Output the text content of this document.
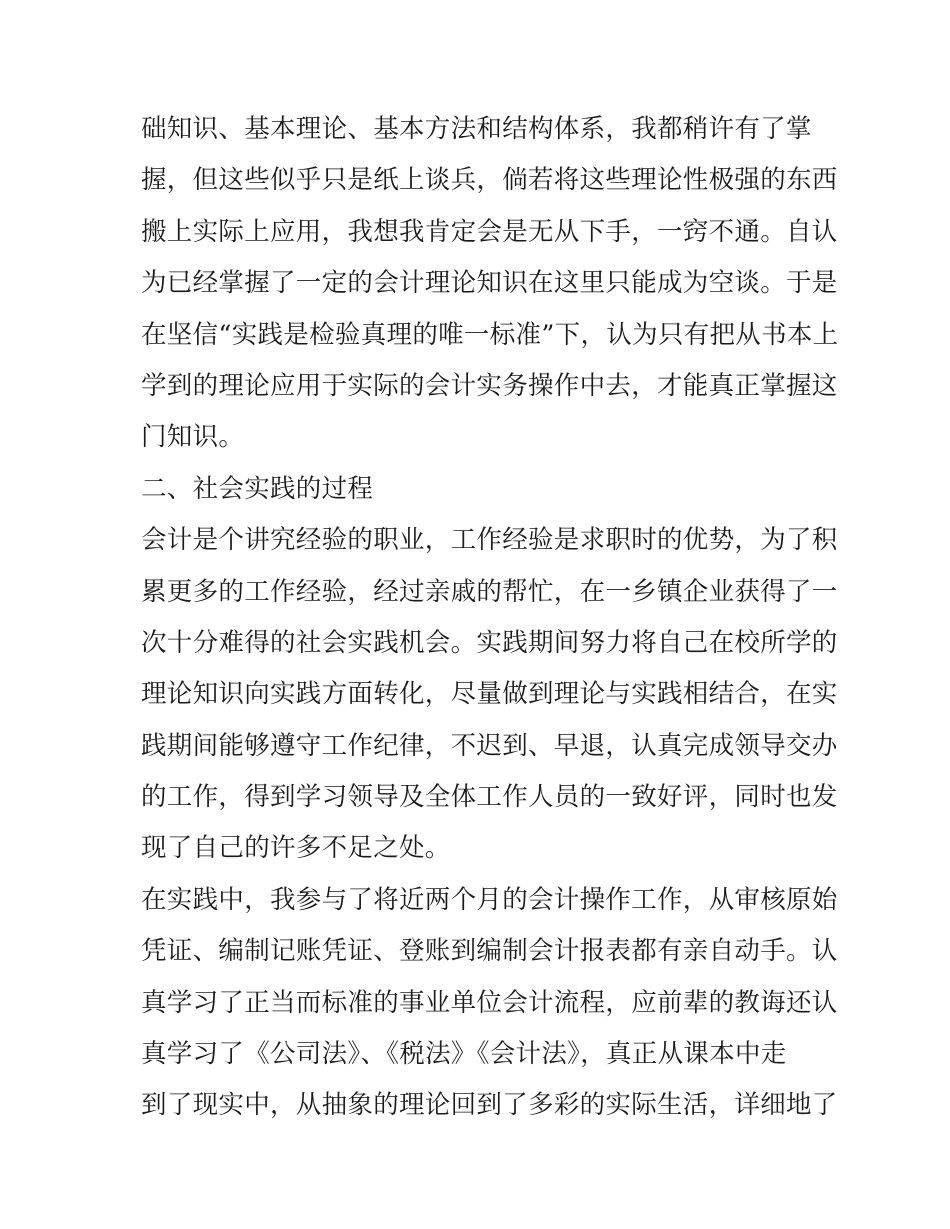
础知识、基本理论、基本方法和结构体系，我都稍许有了掌
握，但这些似乎只是纸上谈兵，倘若将这些理论性极强的东西
搬上实际上应用，我想我肯定会是无从下手，一窍不通。自认
为已经掌握了一定的会计理论知识在这里只能成为空谈。于是
在坚信“实践是检验真理的唯一标准”下，认为只有把从书本上
学到的理论应用于实际的会计实务操作中去，才能真正掌握这
门知识。
二、社会实践的过程
会计是个讲究经验的职业，工作经验是求职时的优势，为了积
累更多的工作经验，经过亲戚的帮忙，在一乡镇企业获得了一
次十分难得的社会实践机会。实践期间努力将自己在校所学的
理论知识向实践方面转化，尽量做到理论与实践相结合，在实
践期间能够遵守工作纪律，不迟到、早退，认真完成领导交办
的工作，得到学习领导及全体工作人员的一致好评，同时也发
现了自己的许多不足之处。
在实践中，我参与了将近两个月的会计操作工作，从审核原始
凭证、编制记账凭证、登账到编制会计报表都有亲自动手。认
真学习了正当而标准的事业单位会计流程，应前辈的教诲还认
真学习了《公司法》、《税法》《会计法》，真正从课本中走
到了现实中，从抽象的理论回到了多彩的实际生活，详细地了
